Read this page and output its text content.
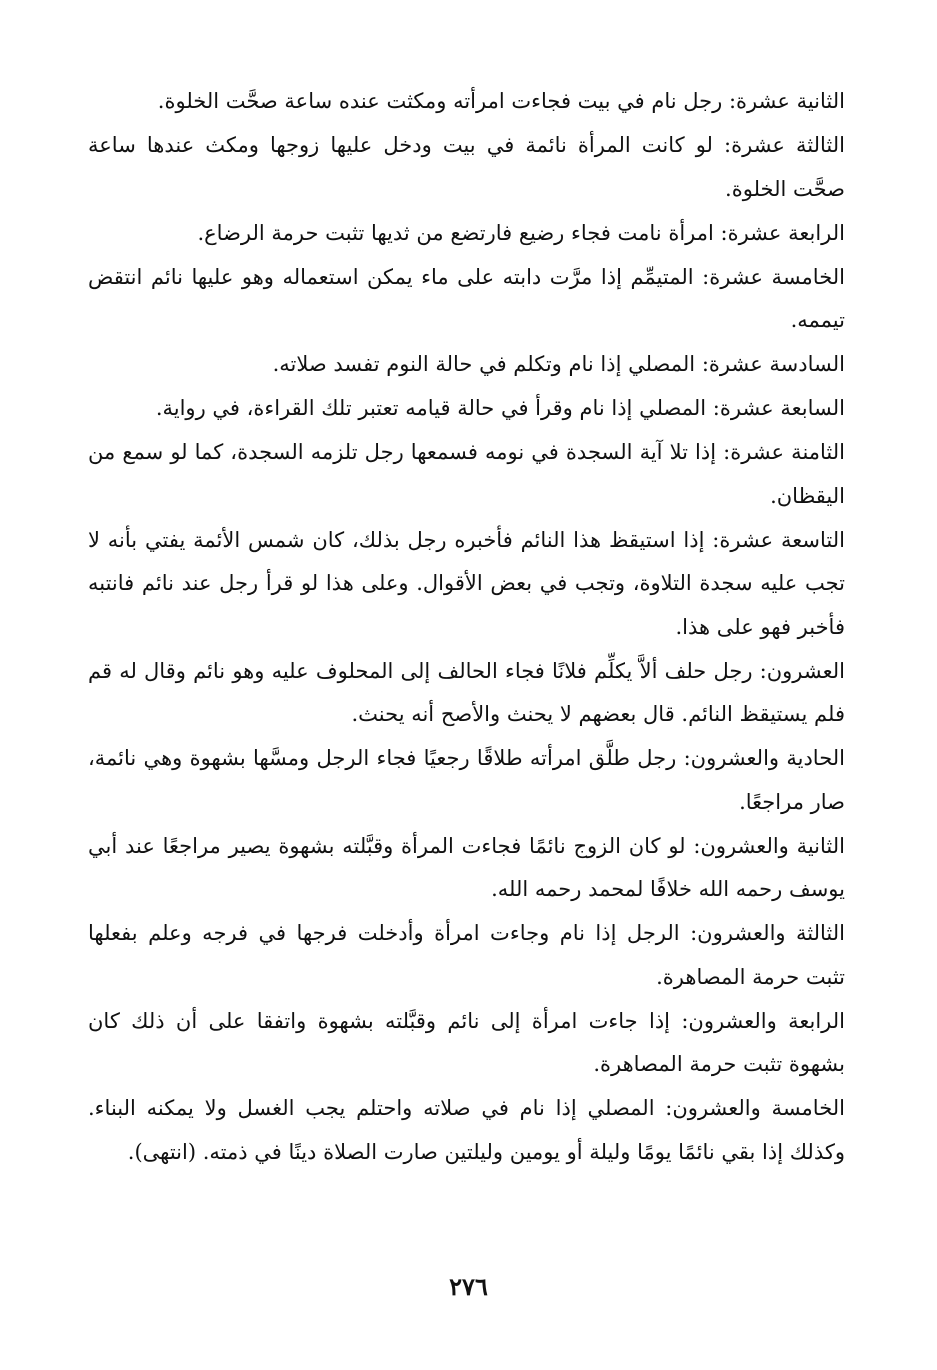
الثانية عشرة: رجل نام في بيت فجاءت امرأته ومكثت عنده ساعة صحَّت الخلوة.

الثالثة عشرة: لو كانت المرأة نائمة في بيت ودخل عليها زوجها ومكث عندها ساعة صحَّت الخلوة.

الرابعة عشرة: امرأة نامت فجاء رضيع فارتضع من ثديها تثبت حرمة الرضاع.

الخامسة عشرة: المتيمِّم إذا مرَّت دابته على ماء يمكن استعماله وهو عليها نائم انتقض تيممه.

السادسة عشرة: المصلي إذا نام وتكلم في حالة النوم تفسد صلاته.

السابعة عشرة: المصلي إذا نام وقرأ في حالة قيامه تعتبر تلك القراءة، في رواية.

الثامنة عشرة: إذا تلا آية السجدة في نومه فسمعها رجل تلزمه السجدة، كما لو سمع من اليقظان.

التاسعة عشرة: إذا استيقظ هذا النائم فأخبره رجل بذلك، كان شمس الأئمة يفتي بأنه لا تجب عليه سجدة التلاوة، وتجب في بعض الأقوال. وعلى هذا لو قرأ رجل عند نائم فانتبه فأخبر فهو على هذا.

العشرون: رجل حلف ألاَّ يكلِّم فلانًا فجاء الحالف إلى المحلوف عليه وهو نائم وقال له قم فلم يستيقظ النائم. قال بعضهم لا يحنث والأصح أنه يحنث.

الحادية والعشرون: رجل طلَّق امرأته طلاقًا رجعيًا فجاء الرجل ومسَّها بشهوة وهي نائمة، صار مراجعًا.

الثانية والعشرون: لو كان الزوج نائمًا فجاءت المرأة وقبَّلته بشهوة يصير مراجعًا عند أبي يوسف رحمه الله خلافًا لمحمد رحمه الله.

الثالثة والعشرون: الرجل إذا نام وجاءت امرأة وأدخلت فرجها في فرجه وعلم بفعلها تثبت حرمة المصاهرة.

الرابعة والعشرون: إذا جاءت امرأة إلى نائم وقبَّلته بشهوة واتفقا على أن ذلك كان بشهوة تثبت حرمة المصاهرة.

الخامسة والعشرون: المصلي إذا نام في صلاته واحتلم يجب الغسل ولا يمكنه البناء. وكذلك إذا بقي نائمًا يومًا وليلة أو يومين وليلتين صارت الصلاة دينًا في ذمته. (انتهى).

٢٧٦
